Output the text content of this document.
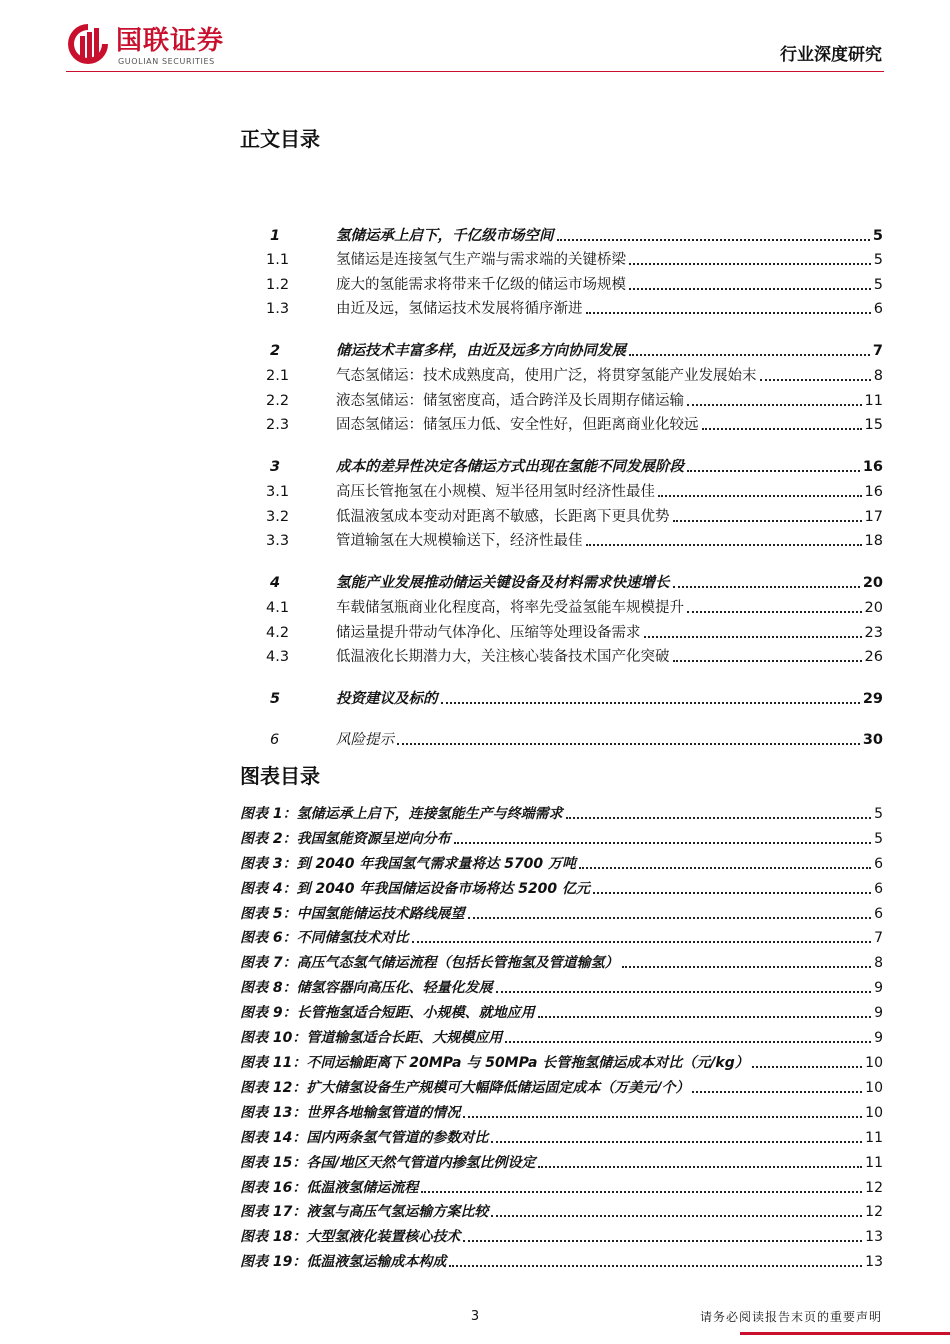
国联证券
GUOLIAN SECURITIES	行业深度研究
正文目录
1	氢储运承上启下，千亿级市场空间	5
1.1	氢储运是连接氢气生产端与需求端的关键桥梁	5
1.2	庞大的氢能需求将带来千亿级的储运市场规模	5
1.3	由近及远，氢储运技术发展将循序渐进	6
2	储运技术丰富多样，由近及远多方向协同发展	7
2.1	气态氢储运：技术成熟度高，使用广泛，将贯穿氢能产业发展始末	8
2.2	液态氢储运：储氢密度高，适合跨洋及长周期存储运输	11
2.3	固态氢储运：储氢压力低、安全性好，但距离商业化较远	15
3	成本的差异性决定各储运方式出现在氢能不同发展阶段	16
3.1	高压长管拖氢在小规模、短半径用氢时经济性最佳	16
3.2	低温液氢成本变动对距离不敏感，长距离下更具优势	17
3.3	管道输氢在大规模输送下，经济性最佳	18
4	氢能产业发展推动储运关键设备及材料需求快速增长	20
4.1	车载储氢瓶商业化程度高，将率先受益氢能车规模提升	20
4.2	储运量提升带动气体净化、压缩等处理设备需求	23
4.3	低温液化长期潜力大，关注核心装备技术国产化突破	26
5	投资建议及标的	29
6	风险提示	30
图表目录
图表 1：氢储运承上启下，连接氢能生产与终端需求	5
图表 2：我国氢能资源呈逆向分布	5
图表 3：到 2040 年我国氢气需求量将达 5700 万吨	6
图表 4：到 2040 年我国储运设备市场将达 5200 亿元	6
图表 5：中国氢能储运技术路线展望	6
图表 6：不同储氢技术对比	7
图表 7：高压气态氢气储运流程（包括长管拖氢及管道输氢）	8
图表 8：储氢容器向高压化、轻量化发展	9
图表 9：长管拖氢适合短距、小规模、就地应用	9
图表 10：管道输氢适合长距、大规模应用	9
图表 11：不同运输距离下 20MPa 与 50MPa 长管拖氢储运成本对比（元/kg）	10
图表 12：扩大储氢设备生产规模可大幅降低储运固定成本（万美元/个）	10
图表 13：世界各地输氢管道的情况	10
图表 14：国内两条氢气管道的参数对比	11
图表 15：各国/地区天然气管道内掺氢比例设定	11
图表 16：低温液氢储运流程	12
图表 17：液氢与高压气氢运输方案比较	12
图表 18：大型氢液化装置核心技术	13
图表 19：低温液氢运输成本构成	13
3	请务必阅读报告末页的重要声明
